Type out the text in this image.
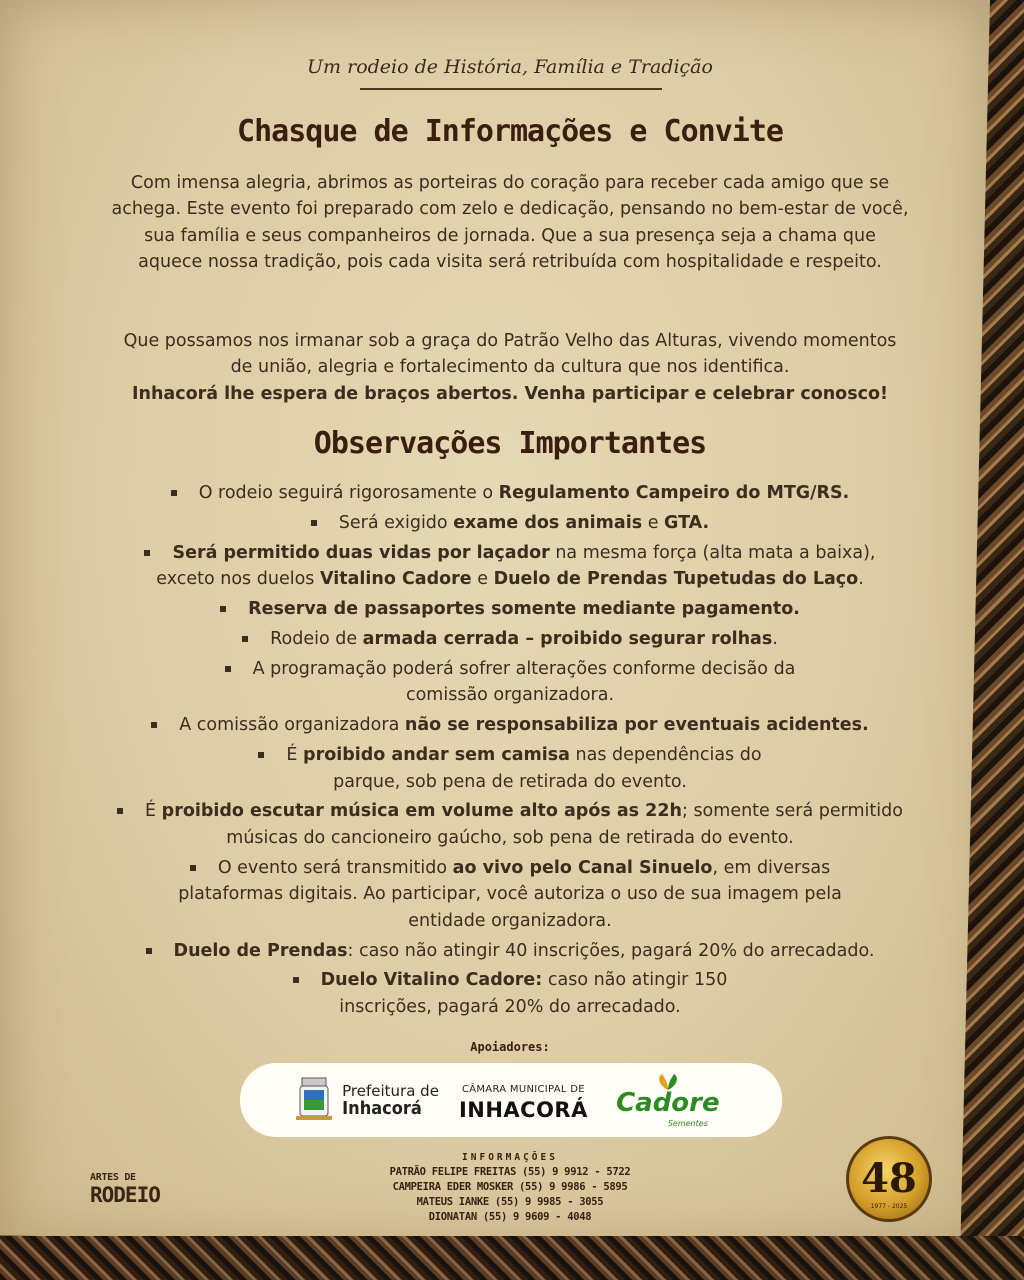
Um rodeio de História, Família e Tradição
Chasque de Informações e Convite
Com imensa alegria, abrimos as porteiras do coração para receber cada amigo que se achega. Este evento foi preparado com zelo e dedicação, pensando no bem-estar de você, sua família e seus companheiros de jornada. Que a sua presença seja a chama que aquece nossa tradição, pois cada visita será retribuída com hospitalidade e respeito.
Que possamos nos irmanar sob a graça do Patrão Velho das Alturas, vivendo momentos de união, alegria e fortalecimento da cultura que nos identifica.
Inhacorá lhe espera de braços abertos. Venha participar e celebrar conosco!
Observações Importantes
O rodeio seguirá rigorosamente o Regulamento Campeiro do MTG/RS.
Será exigido exame dos animais e GTA.
Será permitido duas vidas por laçador na mesma força (alta mata a baixa), exceto nos duelos Vitalino Cadore e Duelo de Prendas Tupetudas do Laço.
Reserva de passaportes somente mediante pagamento.
Rodeio de armada cerrada – proibido segurar rolhas.
A programação poderá sofrer alterações conforme decisão da comissão organizadora.
A comissão organizadora não se responsabiliza por eventuais acidentes.
É proibido andar sem camisa nas dependências do parque, sob pena de retirada do evento.
É proibido escutar música em volume alto após as 22h; somente será permitido músicas do cancioneiro gaúcho, sob pena de retirada do evento.
O evento será transmitido ao vivo pelo Canal Sinuelo, em diversas plataformas digitais. Ao participar, você autoriza o uso de sua imagem pela entidade organizadora.
Duelo de Prendas: caso não atingir 40 inscrições, pagará 20% do arrecadado.
Duelo Vitalino Cadore: caso não atingir 150 inscrições, pagará 20% do arrecadado.
Apoiadores:
Prefeitura de
Inhacorá
CÂMARA MUNICIPAL DE
INHACORÁ	Cadore
Sementes
INFORMAÇÕES
PATRÃO FELIPE FREITAS (55) 9 9912 - 5722
CAMPEIRA EDER MOSKER (55) 9 9986 - 5895
MATEUS IANKE (55) 9 9985 - 3055
DIONATAN (55) 9 9609 - 4048
ARTES DE
RODEIO	48
1977 - 2025
